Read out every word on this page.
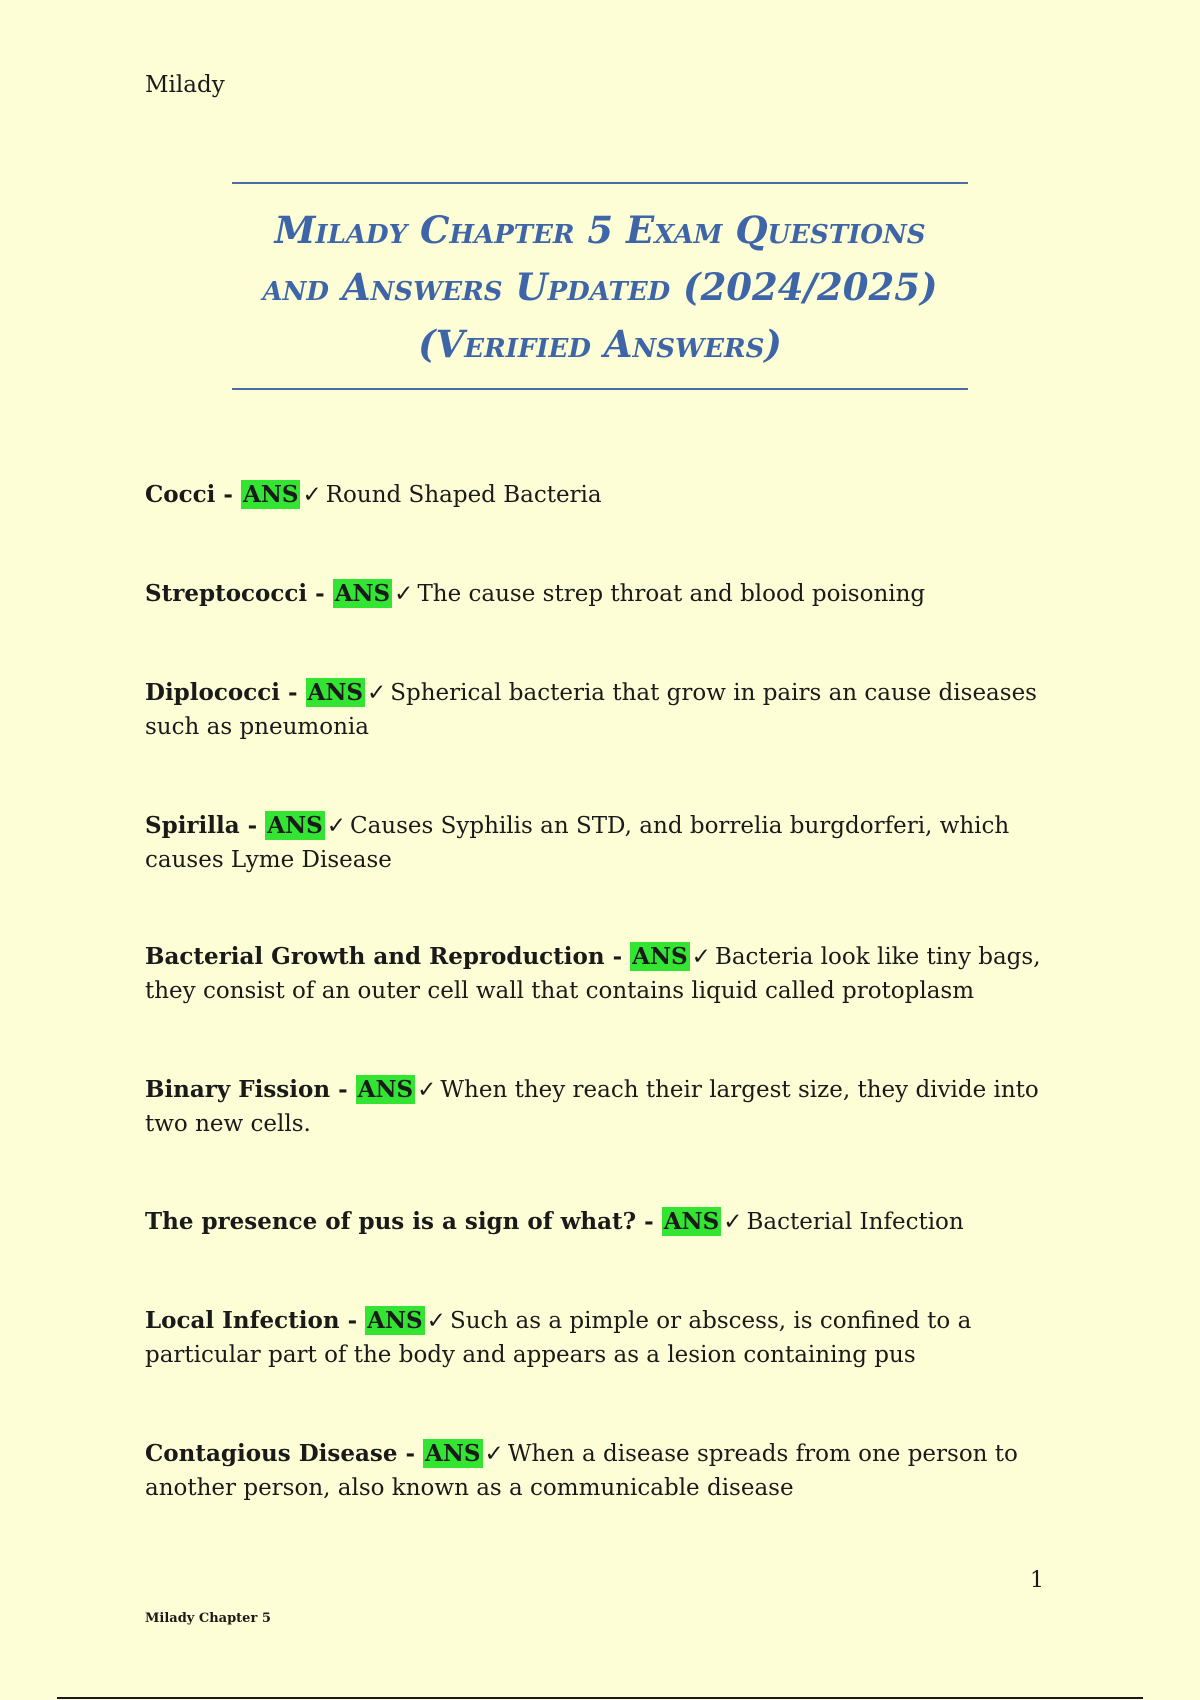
Milady
Milady Chapter 5 Exam Questions
and Answers Updated (2024/2025)
(Verified Answers)
Cocci - ANS ✓ Round Shaped Bacteria
Streptococci - ANS ✓ The cause strep throat and blood poisoning
Diplococci - ANS ✓ Spherical bacteria that grow in pairs an cause diseases such as pneumonia
Spirilla - ANS ✓ Causes Syphilis an STD, and borrelia burgdorferi, which causes Lyme Disease
Bacterial Growth and Reproduction - ANS ✓ Bacteria look like tiny bags, they consist of an outer cell wall that contains liquid called protoplasm
Binary Fission - ANS ✓ When they reach their largest size, they divide into two new cells.
The presence of pus is a sign of what? - ANS ✓ Bacterial Infection
Local Infection - ANS ✓ Such as a pimple or abscess, is confined to a particular part of the body and appears as a lesion containing pus
Contagious Disease - ANS ✓ When a disease spreads from one person to another person, also known as a communicable disease
1
Milady Chapter 5
